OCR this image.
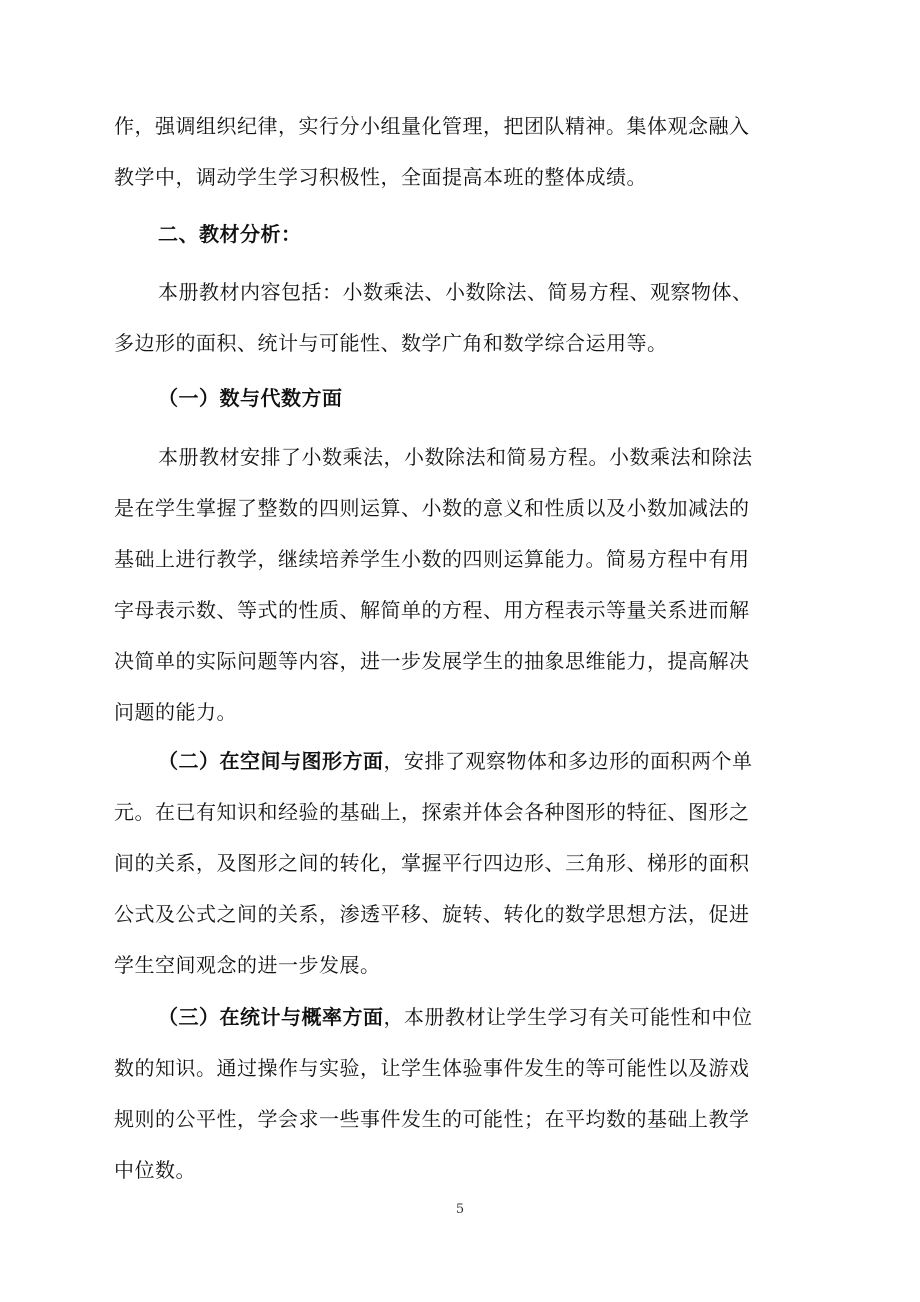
作，强调组织纪律，实行分小组量化管理，把团队精神。集体观念融入
教学中，调动学生学习积极性，全面提高本班的整体成绩。
二、教材分析：
本册教材内容包括：小数乘法、小数除法、简易方程、观察物体、
多边形的面积、统计与可能性、数学广角和数学综合运用等。
（一）数与代数方面
本册教材安排了小数乘法，小数除法和简易方程。小数乘法和除法
是在学生掌握了整数的四则运算、小数的意义和性质以及小数加减法的
基础上进行教学，继续培养学生小数的四则运算能力。简易方程中有用
字母表示数、等式的性质、解简单的方程、用方程表示等量关系进而解
决简单的实际问题等内容，进一步发展学生的抽象思维能力，提高解决
问题的能力。
（二）在空间与图形方面，安排了观察物体和多边形的面积两个单
元。在已有知识和经验的基础上，探索并体会各种图形的特征、图形之
间的关系，及图形之间的转化，掌握平行四边形、三角形、梯形的面积
公式及公式之间的关系，渗透平移、旋转、转化的数学思想方法，促进
学生空间观念的进一步发展。
（三）在统计与概率方面，本册教材让学生学习有关可能性和中位
数的知识。通过操作与实验，让学生体验事件发生的等可能性以及游戏
规则的公平性，学会求一些事件发生的可能性；在平均数的基础上教学
中位数。
5
